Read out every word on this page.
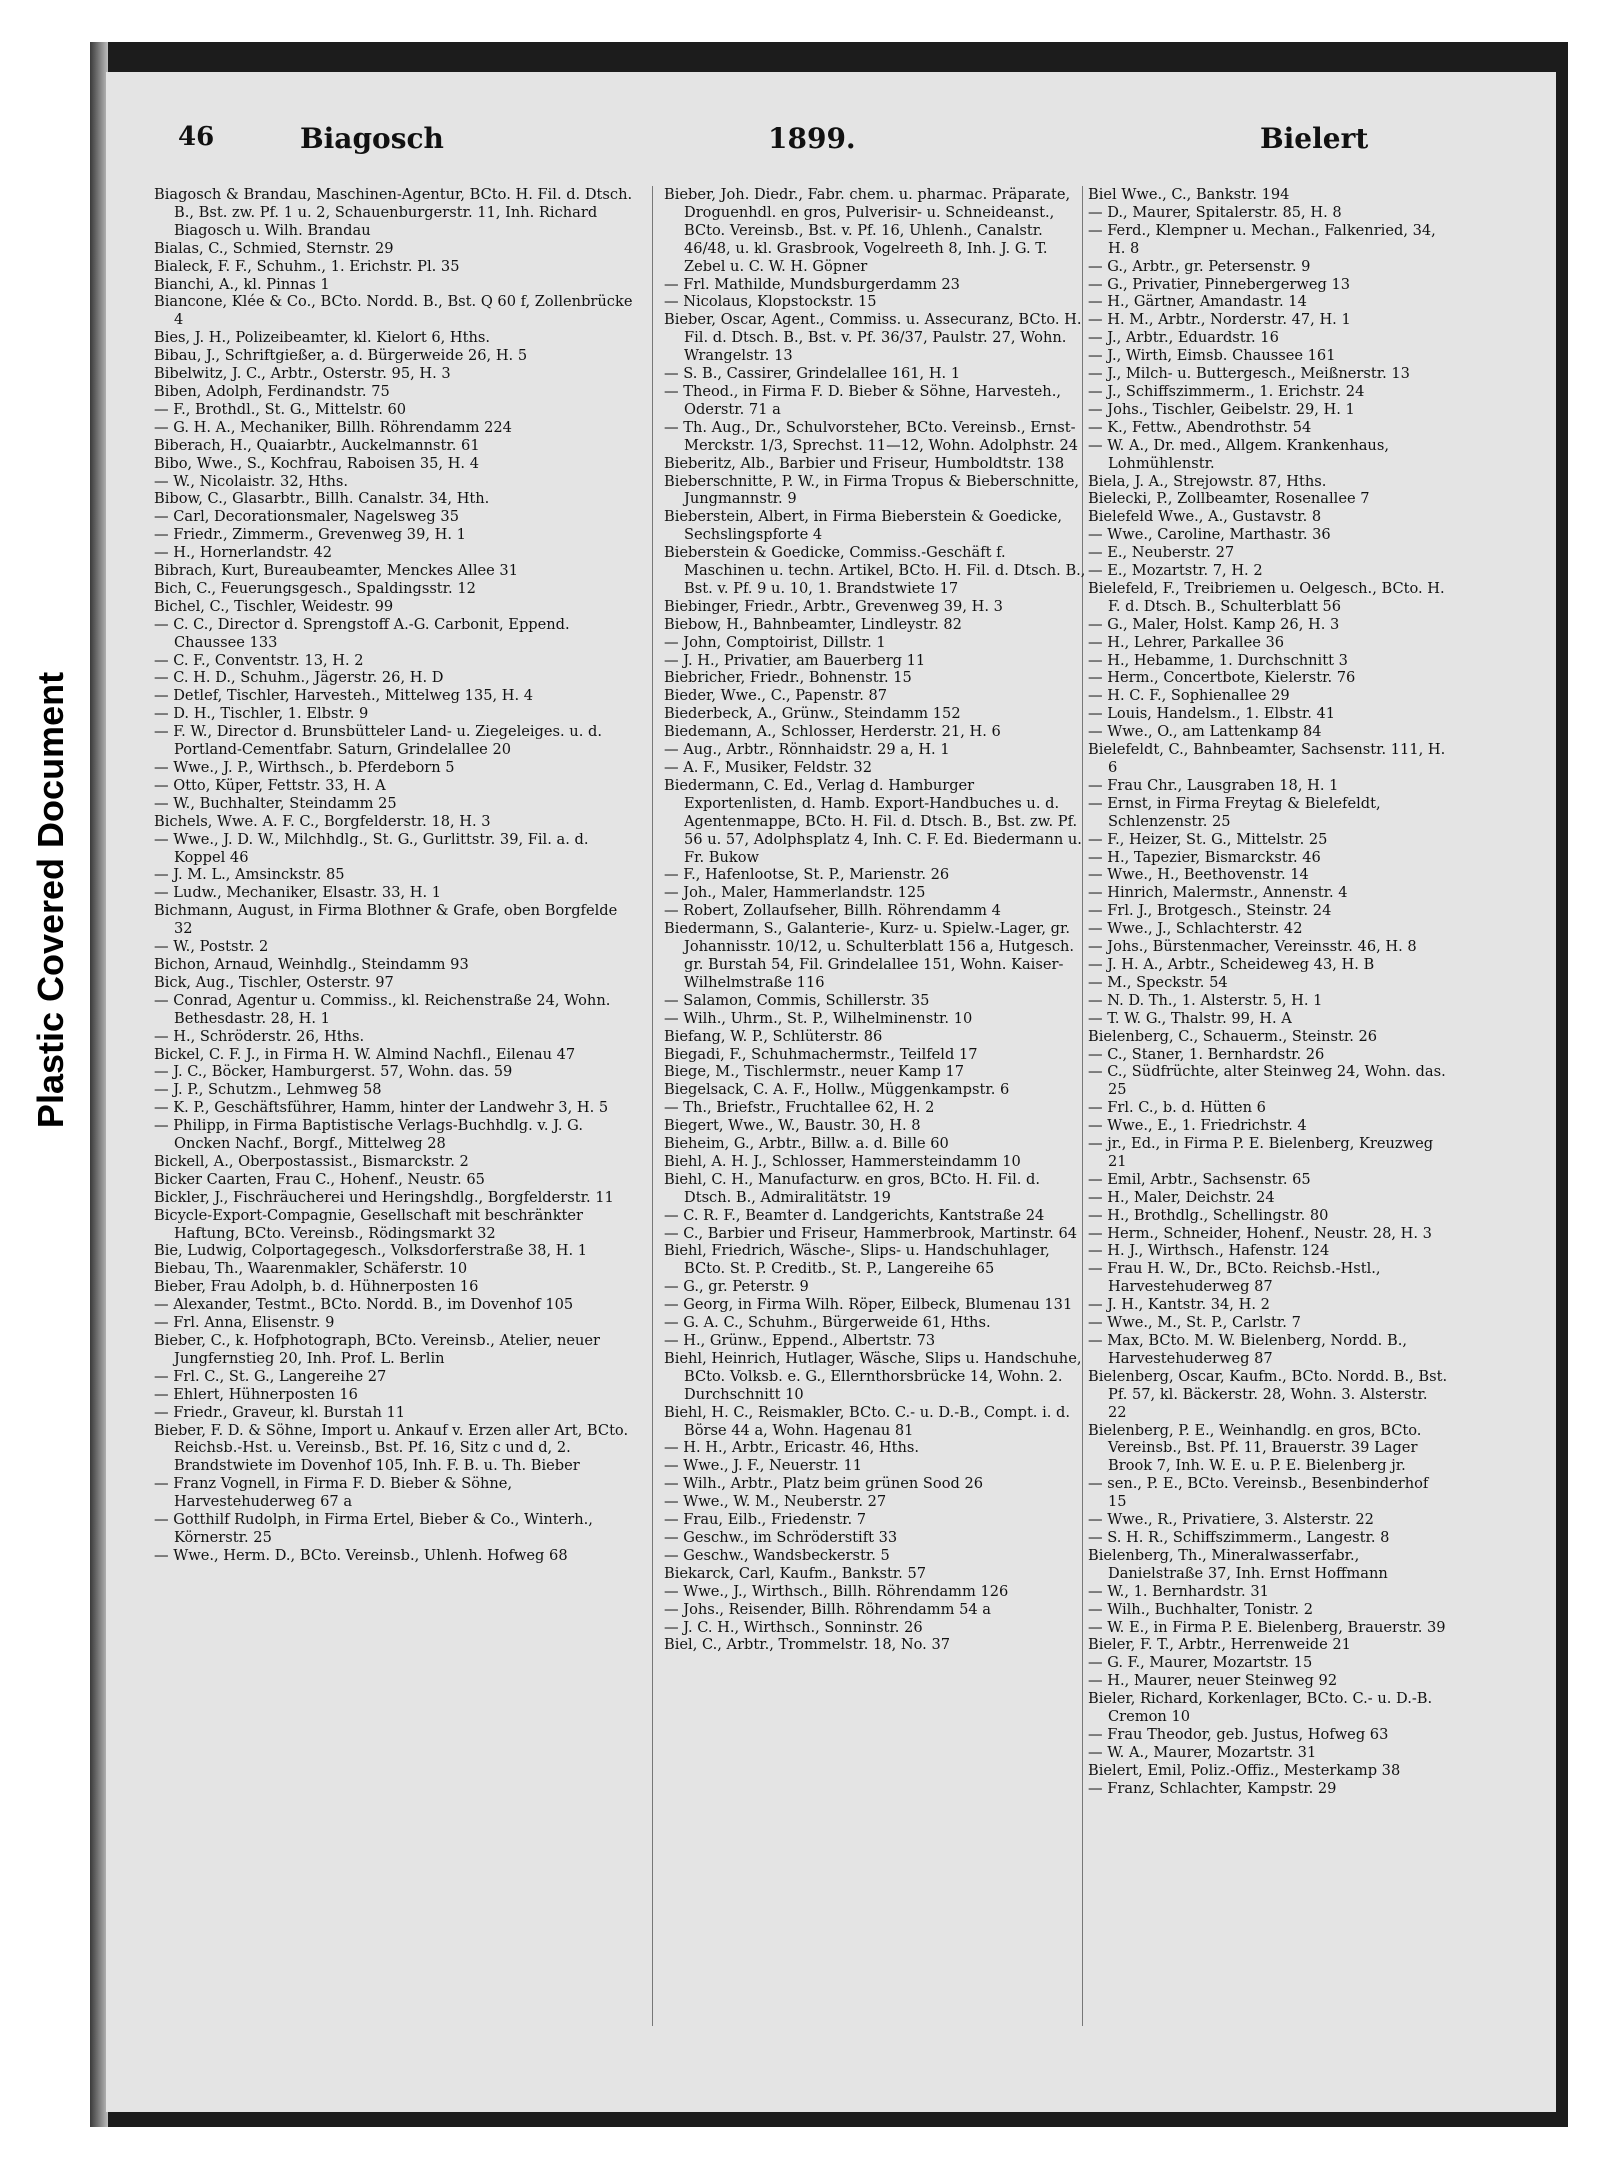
Plastic Covered Document
46	Biagosch	1899.	Bielert

Biagosch & Brandau, Maschinen-Agentur, BCto. H. Fil. d. Dtsch. B., Bst. zw. Pf. 1 u. 2, Schauenburgerstr. 11, Inh. Richard Biagosch u. Wilh. Brandau

Bialas, C., Schmied, Sternstr. 29

Bialeck, F. F., Schuhm., 1. Erichstr. Pl. 35

Bianchi, A., kl. Pinnas 1

Biancone, Klée & Co., BCto. Nordd. B., Bst. Q 60 f, Zollenbrücke 4

Bies, J. H., Polizeibeamter, kl. Kielort 6, Hths.

Bibau, J., Schriftgießer, a. d. Bürgerweide 26, H. 5

Bibelwitz, J. C., Arbtr., Osterstr. 95, H. 3

Biben, Adolph, Ferdinandstr. 75

— F., Brothdl., St. G., Mittelstr. 60

— G. H. A., Mechaniker, Billh. Röhrendamm 224

Biberach, H., Quaiarbtr., Auckelmannstr. 61

Bibo, Wwe., S., Kochfrau, Raboisen 35, H. 4

— W., Nicolaistr. 32, Hths.

Bibow, C., Glasarbtr., Billh. Canalstr. 34, Hth.

— Carl, Decorationsmaler, Nagelsweg 35

— Friedr., Zimmerm., Grevenweg 39, H. 1

— H., Hornerlandstr. 42

Bibrach, Kurt, Bureaubeamter, Menckes Allee 31

Bich, C., Feuerungsgesch., Spaldingsstr. 12

Bichel, C., Tischler, Weidestr. 99

— C. C., Director d. Sprengstoff A.-G. Carbonit, Eppend. Chaussee 133

— C. F., Conventstr. 13, H. 2

— C. H. D., Schuhm., Jägerstr. 26, H. D

— Detlef, Tischler, Harvesteh., Mittelweg 135, H. 4

— D. H., Tischler, 1. Elbstr. 9

— F. W., Director d. Brunsbütteler Land- u. Ziegeleiges. u. d. Portland-Cementfabr. Saturn, Grindelallee 20

— Wwe., J. P., Wirthsch., b. Pferdeborn 5

— Otto, Küper, Fettstr. 33, H. A

— W., Buchhalter, Steindamm 25

Bichels, Wwe. A. F. C., Borgfelderstr. 18, H. 3

— Wwe., J. D. W., Milchhdlg., St. G., Gurlittstr. 39, Fil. a. d. Koppel 46

— J. M. L., Amsinckstr. 85

— Ludw., Mechaniker, Elsastr. 33, H. 1

Bichmann, August, in Firma Blothner & Grafe, oben Borgfelde 32

— W., Poststr. 2

Bichon, Arnaud, Weinhdlg., Steindamm 93

Bick, Aug., Tischler, Osterstr. 97

— Conrad, Agentur u. Commiss., kl. Reichenstraße 24, Wohn. Bethesdastr. 28, H. 1

— H., Schröderstr. 26, Hths.

Bickel, C. F. J., in Firma H. W. Almind Nachfl., Eilenau 47

— J. C., Böcker, Hamburgerst. 57, Wohn. das. 59

— J. P., Schutzm., Lehmweg 58

— K. P., Geschäftsführer, Hamm, hinter der Landwehr 3, H. 5

— Philipp, in Firma Baptistische Verlags-Buchhdlg. v. J. G. Oncken Nachf., Borgf., Mittelweg 28

Bickell, A., Oberpostassist., Bismarckstr. 2

Bicker Caarten, Frau C., Hohenf., Neustr. 65

Bickler, J., Fischräucherei und Heringshdlg., Borgfelderstr. 11

Bicycle-Export-Compagnie, Gesellschaft mit beschränkter Haftung, BCto. Vereinsb., Rödingsmarkt 32

Bie, Ludwig, Colportagegesch., Volksdorferstraße 38, H. 1

Biebau, Th., Waarenmakler, Schäferstr. 10

Bieber, Frau Adolph, b. d. Hühnerposten 16

— Alexander, Testmt., BCto. Nordd. B., im Dovenhof 105

— Frl. Anna, Elisenstr. 9

Bieber, C., k. Hofphotograph, BCto. Vereinsb., Atelier, neuer Jungfernstieg 20, Inh. Prof. L. Berlin

— Frl. C., St. G., Langereihe 27

— Ehlert, Hühnerposten 16

— Friedr., Graveur, kl. Burstah 11

Bieber, F. D. & Söhne, Import u. Ankauf v. Erzen aller Art, BCto. Reichsb.-Hst. u. Vereinsb., Bst. Pf. 16, Sitz c und d, 2. Brandstwiete im Dovenhof 105, Inh. F. B. u. Th. Bieber

— Franz Vognell, in Firma F. D. Bieber & Söhne, Harvestehuderweg 67 a

— Gotthilf Rudolph, in Firma Ertel, Bieber & Co., Winterh., Körnerstr. 25

— Wwe., Herm. D., BCto. Vereinsb., Uhlenh. Hofweg 68

Bieber, Joh. Diedr., Fabr. chem. u. pharmac. Präparate, Droguenhdl. en gros, Pulverisir- u. Schneideanst., BCto. Vereinsb., Bst. v. Pf. 16, Uhlenh., Canalstr. 46/48, u. kl. Grasbrook, Vogelreeth 8, Inh. J. G. T. Zebel u. C. W. H. Göpner

— Frl. Mathilde, Mundsburgerdamm 23

— Nicolaus, Klopstockstr. 15

Bieber, Oscar, Agent., Commiss. u. Assecuranz, BCto. H. Fil. d. Dtsch. B., Bst. v. Pf. 36/37, Paulstr. 27, Wohn. Wrangelstr. 13

— S. B., Cassirer, Grindelallee 161, H. 1

— Theod., in Firma F. D. Bieber & Söhne, Harvesteh., Oderstr. 71 a

— Th. Aug., Dr., Schulvorsteher, BCto. Vereinsb., Ernst-Merckstr. 1/3, Sprechst. 11—12, Wohn. Adolphstr. 24

Bieberitz, Alb., Barbier und Friseur, Humboldtstr. 138

Bieberschnitte, P. W., in Firma Tropus & Bieberschnitte, Jungmannstr. 9

Bieberstein, Albert, in Firma Bieberstein & Goedicke, Sechslingspforte 4

Bieberstein & Goedicke, Commiss.-Geschäft f. Maschinen u. techn. Artikel, BCto. H. Fil. d. Dtsch. B., Bst. v. Pf. 9 u. 10, 1. Brandstwiete 17

Biebinger, Friedr., Arbtr., Grevenweg 39, H. 3

Biebow, H., Bahnbeamter, Lindleystr. 82

— John, Comptoirist, Dillstr. 1

— J. H., Privatier, am Bauerberg 11

Biebricher, Friedr., Bohnenstr. 15

Bieder, Wwe., C., Papenstr. 87

Biederbeck, A., Grünw., Steindamm 152

Biedemann, A., Schlosser, Herderstr. 21, H. 6

— Aug., Arbtr., Rönnhaidstr. 29 a, H. 1

— A. F., Musiker, Feldstr. 32

Biedermann, C. Ed., Verlag d. Hamburger Exportenlisten, d. Hamb. Export-Handbuches u. d. Agentenmappe, BCto. H. Fil. d. Dtsch. B., Bst. zw. Pf. 56 u. 57, Adolphsplatz 4, Inh. C. F. Ed. Biedermann u. Fr. Bukow

— F., Hafenlootse, St. P., Marienstr. 26

— Joh., Maler, Hammerlandstr. 125

— Robert, Zollaufseher, Billh. Röhrendamm 4

Biedermann, S., Galanterie-, Kurz- u. Spielw.-Lager, gr. Johannisstr. 10/12, u. Schulterblatt 156 a, Hutgesch. gr. Burstah 54, Fil. Grindelallee 151, Wohn. Kaiser-Wilhelmstraße 116

— Salamon, Commis, Schillerstr. 35

— Wilh., Uhrm., St. P., Wilhelminenstr. 10

Biefang, W. P., Schlüterstr. 86

Biegadi, F., Schuhmachermstr., Teilfeld 17

Biege, M., Tischlermstr., neuer Kamp 17

Biegelsack, C. A. F., Hollw., Müggenkampstr. 6

— Th., Briefstr., Fruchtallee 62, H. 2

Biegert, Wwe., W., Baustr. 30, H. 8

Bieheim, G., Arbtr., Billw. a. d. Bille 60

Biehl, A. H. J., Schlosser, Hammersteindamm 10

Biehl, C. H., Manufacturw. en gros, BCto. H. Fil. d. Dtsch. B., Admiralitätstr. 19

— C. R. F., Beamter d. Landgerichts, Kantstraße 24

— C., Barbier und Friseur, Hammerbrook, Martinstr. 64

Biehl, Friedrich, Wäsche-, Slips- u. Handschuhlager, BCto. St. P. Creditb., St. P., Langereihe 65

— G., gr. Peterstr. 9

— Georg, in Firma Wilh. Röper, Eilbeck, Blumenau 131

— G. A. C., Schuhm., Bürgerweide 61, Hths.

— H., Grünw., Eppend., Albertstr. 73

Biehl, Heinrich, Hutlager, Wäsche, Slips u. Handschuhe, BCto. Volksb. e. G., Ellernthorsbrücke 14, Wohn. 2. Durchschnitt 10

Biehl, H. C., Reismakler, BCto. C.- u. D.-B., Compt. i. d. Börse 44 a, Wohn. Hagenau 81

— H. H., Arbtr., Ericastr. 46, Hths.

— Wwe., J. F., Neuerstr. 11

— Wilh., Arbtr., Platz beim grünen Sood 26

— Wwe., W. M., Neuberstr. 27

— Frau, Eilb., Friedenstr. 7

— Geschw., im Schröderstift 33

— Geschw., Wandsbeckerstr. 5

Biekarck, Carl, Kaufm., Bankstr. 57

— Wwe., J., Wirthsch., Billh. Röhrendamm 126

— Johs., Reisender, Billh. Röhrendamm 54 a

— J. C. H., Wirthsch., Sonninstr. 26

Biel, C., Arbtr., Trommelstr. 18, No. 37

Biel Wwe., C., Bankstr. 194

— D., Maurer, Spitalerstr. 85, H. 8

— Ferd., Klempner u. Mechan., Falkenried, 34, H. 8

— G., Arbtr., gr. Petersenstr. 9

— G., Privatier, Pinnebergerweg 13

— H., Gärtner, Amandastr. 14

— H. M., Arbtr., Norderstr. 47, H. 1

— J., Arbtr., Eduardstr. 16

— J., Wirth, Eimsb. Chaussee 161

— J., Milch- u. Buttergesch., Meißnerstr. 13

— J., Schiffszimmerm., 1. Erichstr. 24

— Johs., Tischler, Geibelstr. 29, H. 1

— K., Fettw., Abendrothstr. 54

— W. A., Dr. med., Allgem. Krankenhaus, Lohmühlenstr.

Biela, J. A., Strejowstr. 87, Hths.

Bielecki, P., Zollbeamter, Rosenallee 7

Bielefeld Wwe., A., Gustavstr. 8

— Wwe., Caroline, Marthastr. 36

— E., Neuberstr. 27

— E., Mozartstr. 7, H. 2

Bielefeld, F., Treibriemen u. Oelgesch., BCto. H. F. d. Dtsch. B., Schulterblatt 56

— G., Maler, Holst. Kamp 26, H. 3

— H., Lehrer, Parkallee 36

— H., Hebamme, 1. Durchschnitt 3

— Herm., Concertbote, Kielerstr. 76

— H. C. F., Sophienallee 29

— Louis, Handelsm., 1. Elbstr. 41

— Wwe., O., am Lattenkamp 84

Bielefeldt, C., Bahnbeamter, Sachsenstr. 111, H. 6

— Frau Chr., Lausgraben 18, H. 1

— Ernst, in Firma Freytag & Bielefeldt, Schlenzenstr. 25

— F., Heizer, St. G., Mittelstr. 25

— H., Tapezier, Bismarckstr. 46

— Wwe., H., Beethovenstr. 14

— Hinrich, Malermstr., Annenstr. 4

— Frl. J., Brotgesch., Steinstr. 24

— Wwe., J., Schlachterstr. 42

— Johs., Bürstenmacher, Vereinsstr. 46, H. 8

— J. H. A., Arbtr., Scheideweg 43, H. B

— M., Speckstr. 54

— N. D. Th., 1. Alsterstr. 5, H. 1

— T. W. G., Thalstr. 99, H. A

Bielenberg, C., Schauerm., Steinstr. 26

— C., Staner, 1. Bernhardstr. 26

— C., Südfrüchte, alter Steinweg 24, Wohn. das. 25

— Frl. C., b. d. Hütten 6

— Wwe., E., 1. Friedrichstr. 4

— jr., Ed., in Firma P. E. Bielenberg, Kreuzweg 21

— Emil, Arbtr., Sachsenstr. 65

— H., Maler, Deichstr. 24

— H., Brothdlg., Schellingstr. 80

— Herm., Schneider, Hohenf., Neustr. 28, H. 3

— H. J., Wirthsch., Hafenstr. 124

— Frau H. W., Dr., BCto. Reichsb.-Hstl., Harvestehuderweg 87

— J. H., Kantstr. 34, H. 2

— Wwe., M., St. P., Carlstr. 7

— Max, BCto. M. W. Bielenberg, Nordd. B., Harvestehuderweg 87

Bielenberg, Oscar, Kaufm., BCto. Nordd. B., Bst. Pf. 57, kl. Bäckerstr. 28, Wohn. 3. Alsterstr. 22

Bielenberg, P. E., Weinhandlg. en gros, BCto. Vereinsb., Bst. Pf. 11, Brauerstr. 39 Lager Brook 7, Inh. W. E. u. P. E. Bielenberg jr.

— sen., P. E., BCto. Vereinsb., Besenbinderhof 15

— Wwe., R., Privatiere, 3. Alsterstr. 22

— S. H. R., Schiffszimmerm., Langestr. 8

Bielenberg, Th., Mineralwasserfabr., Danielstraße 37, Inh. Ernst Hoffmann

— W., 1. Bernhardstr. 31

— Wilh., Buchhalter, Tonistr. 2

— W. E., in Firma P. E. Bielenberg, Brauerstr. 39

Bieler, F. T., Arbtr., Herrenweide 21

— G. F., Maurer, Mozartstr. 15

— H., Maurer, neuer Steinweg 92

Bieler, Richard, Korkenlager, BCto. C.- u. D.-B. Cremon 10

— Frau Theodor, geb. Justus, Hofweg 63

— W. A., Maurer, Mozartstr. 31

Bielert, Emil, Poliz.-Offiz., Mesterkamp 38

— Franz, Schlachter, Kampstr. 29
